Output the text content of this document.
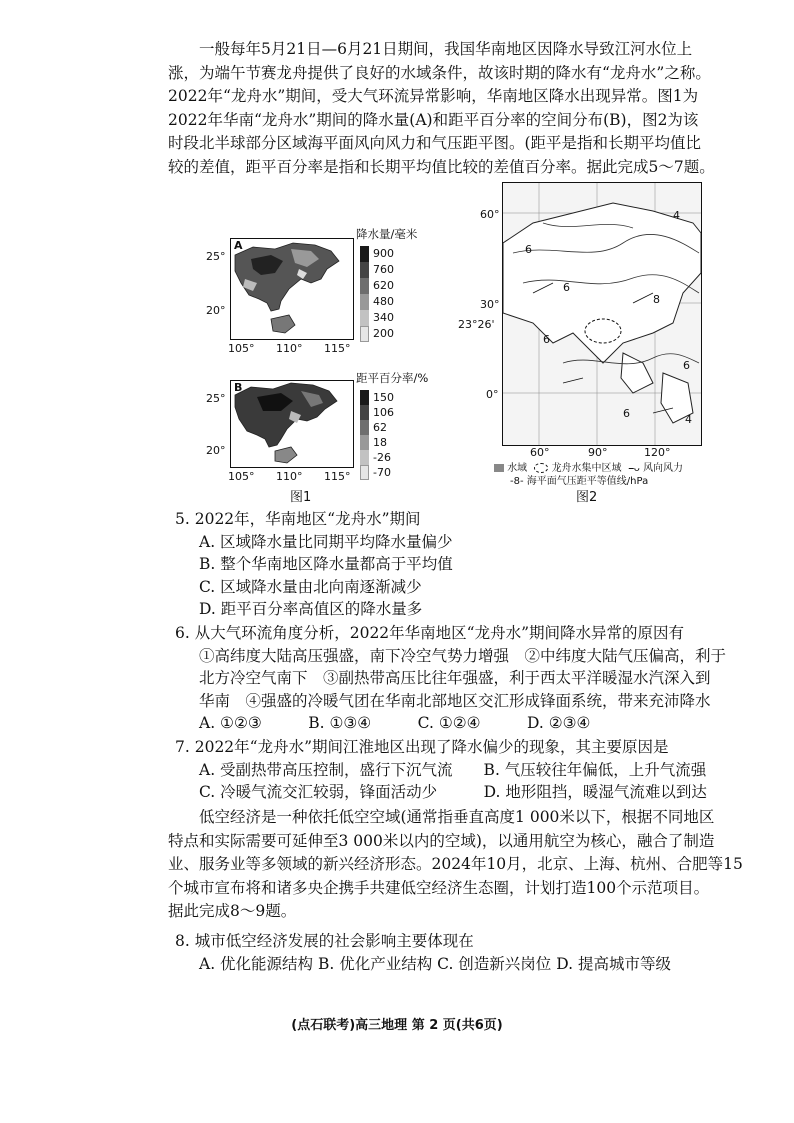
一般每年5月21日—6月21日期间，我国华南地区因降水导致江河水位上
涨，为端午节赛龙舟提供了良好的水域条件，故该时期的降水有“龙舟水”之称。
2022年“龙舟水”期间，受大气环流异常影响，华南地区降水出现异常。图1为
2022年华南“龙舟水”期间的降水量(A)和距平百分率的空间分布(B)，图2为该
时段北半球部分区域海平面风向风力和气压距平图。(距平是指和长期平均值比
较的差值，距平百分率是指和长期平均值比较的差值百分率。据此完成5～7题。
25°
20°
A
105° 110° 115°
降水量/毫米
900
760
620
480
340
200
25°
20°
B
105° 110° 115°
距平百分率/%
150
106
62
18
-26
-70
图1
60°
30°
23°26'
0°
6
4
8
6
6
6	4
6
60°	90°	120°
水域 龙舟水集中区域 ⎯ᴗ 风向风力
-8- 海平面气压距平等值线/hPa
图2
5. 2022年，华南地区“龙舟水”期间
A. 区域降水量比同期平均降水量偏少
B. 整个华南地区降水量都高于平均值
C. 区域降水量由北向南逐渐减少
D. 距平百分率高值区的降水量多
6. 从大气环流角度分析，2022年华南地区“龙舟水”期间降水异常的原因有
①高纬度大陆高压强盛，南下冷空气势力增强　②中纬度大陆气压偏高，利于
北方冷空气南下　③副热带高压比往年强盛，利于西太平洋暖湿水汽深入到
华南　④强盛的冷暖气团在华南北部地区交汇形成锋面系统，带来充沛降水
A. ①②③　　　B. ①③④　　　C. ①②④　　　D. ②③④
7. 2022年“龙舟水”期间江淮地区出现了降水偏少的现象，其主要原因是
A. 受副热带高压控制，盛行下沉气流　　B. 气压较往年偏低，上升气流强
C. 冷暖气流交汇较弱，锋面活动少　　　D. 地形阻挡，暖湿气流难以到达
低空经济是一种依托低空空域(通常指垂直高度1 000米以下，根据不同地区
特点和实际需要可延伸至3 000米以内的空域)，以通用航空为核心，融合了制造
业、服务业等多领域的新兴经济形态。2024年10月，北京、上海、杭州、合肥等15
个城市宣布将和诸多央企携手共建低空经济生态圈，计划打造100个示范项目。
据此完成8～9题。
8. 城市低空经济发展的社会影响主要体现在
A. 优化能源结构 B. 优化产业结构 C. 创造新兴岗位 D. 提高城市等级
(点石联考)高三地理 第 2 页(共6页)
